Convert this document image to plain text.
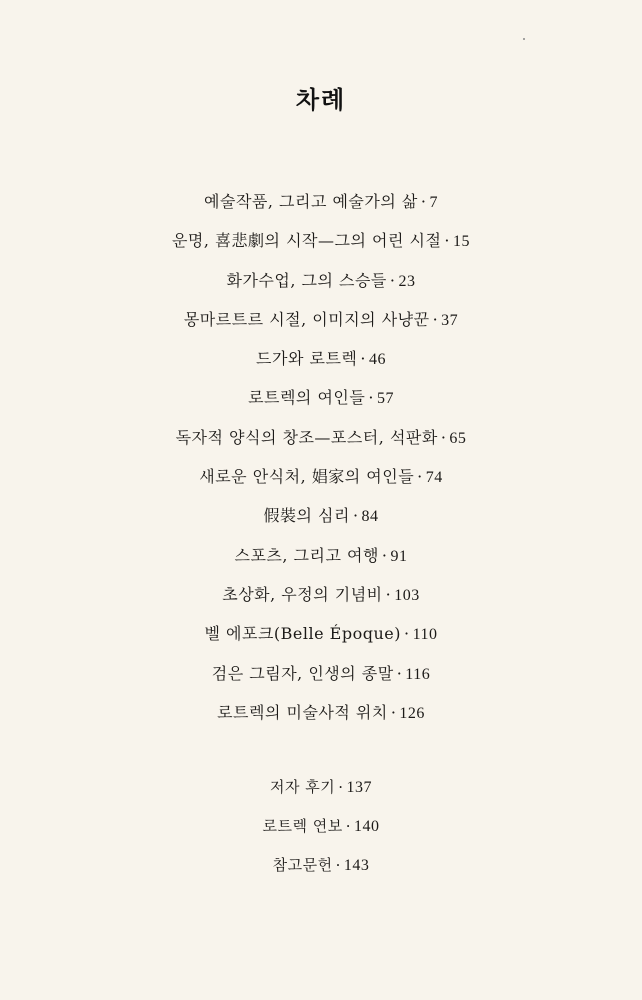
차례
예술작품, 그리고 예술가의 삶 · 7
운명, 喜悲劇의 시작—그의 어린 시절 · 15
화가수업, 그의 스승들 · 23
몽마르트르 시절, 이미지의 사냥꾼 · 37
드가와 로트렉 · 46
로트렉의 여인들 · 57
독자적 양식의 창조—포스터, 석판화 · 65
새로운 안식처, 娼家의 여인들 · 74
假裝의 심리 · 84
스포츠, 그리고 여행 · 91
초상화, 우정의 기념비 · 103
벨 에포크(Belle Époque) · 110
검은 그림자, 인생의 종말 · 116
로트렉의 미술사적 위치 · 126
저자 후기 · 137
로트렉 연보 · 140
참고문헌 · 143
